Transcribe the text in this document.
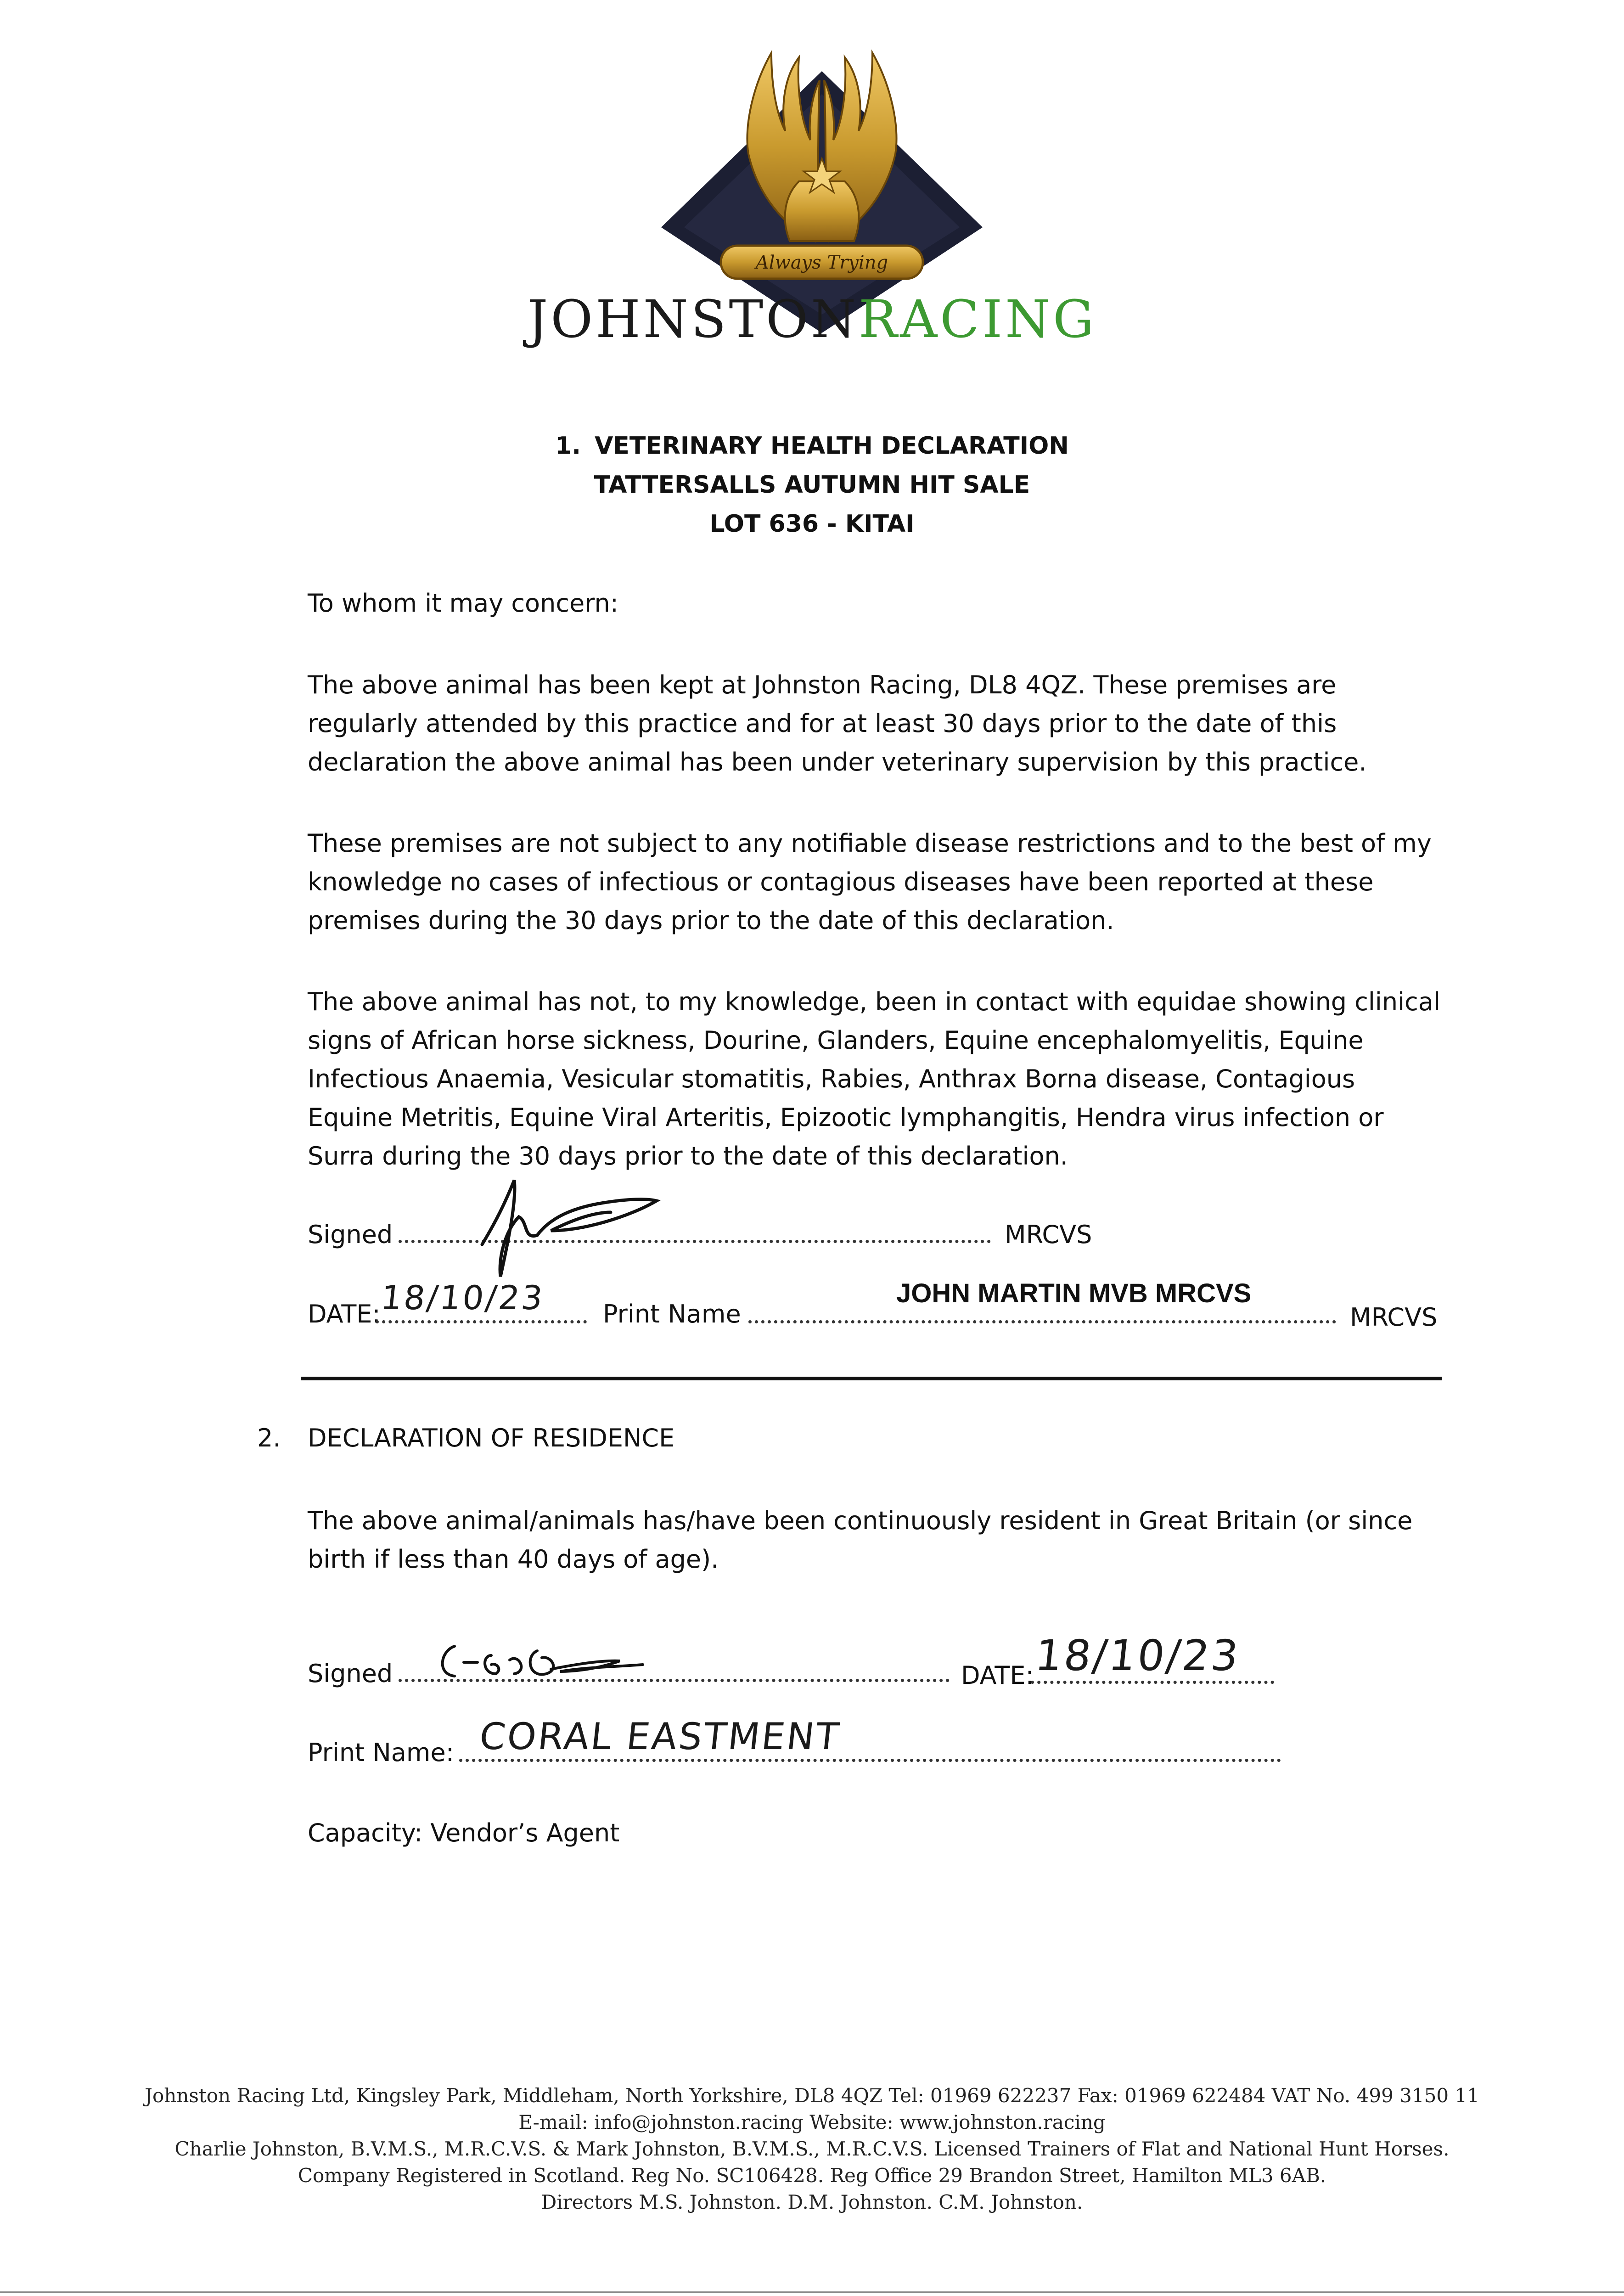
Always Trying
JOHNSTONRACING
1. VETERINARY HEALTH DECLARATION
TATTERSALLS AUTUMN HIT SALE
LOT 636 - KITAI
To whom it may concern:
The above animal has been kept at Johnston Racing, DL8 4QZ. These premises are regularly attended by this practice and for at least 30 days prior to the date of this declaration the above animal has been under veterinary supervision by this practice.
These premises are not subject to any notifiable disease restrictions and to the best of my knowledge no cases of infectious or contagious diseases have been reported at these premises during the 30 days prior to the date of this declaration.
The above animal has not, to my knowledge, been in contact with equidae showing clinical signs of African horse sickness, Dourine, Glanders, Equine encephalomyelitis, Equine Infectious Anaemia, Vesicular stomatitis, Rabies, Anthrax Borna disease, Contagious Equine Metritis, Equine Viral Arteritis, Epizootic lymphangitis, Hendra virus infection or Surra during the 30 days prior to the date of this declaration.
Signed	MRCVS
DATE:
18/10/23 Print Name
JOHN MARTIN MVB MRCVS
MRCVS
2. DECLARATION OF RESIDENCE
The above animal/animals has/have been continuously resident in Great Britain (or since birth if less than 40 days of age).
Signed	DATE:
18/10/23
Print Name: CORAL EASTMENT
Capacity: Vendor’s Agent
Johnston Racing Ltd, Kingsley Park, Middleham, North Yorkshire, DL8 4QZ Tel: 01969 622237 Fax: 01969 622484 VAT No. 499 3150 11
E-mail: info@johnston.racing Website: www.johnston.racing
Charlie Johnston, B.V.M.S., M.R.C.V.S. & Mark Johnston, B.V.M.S., M.R.C.V.S. Licensed Trainers of Flat and National Hunt Horses.
Company Registered in Scotland. Reg No. SC106428. Reg Office 29 Brandon Street, Hamilton ML3 6AB.
Directors M.S. Johnston. D.M. Johnston. C.M. Johnston.
